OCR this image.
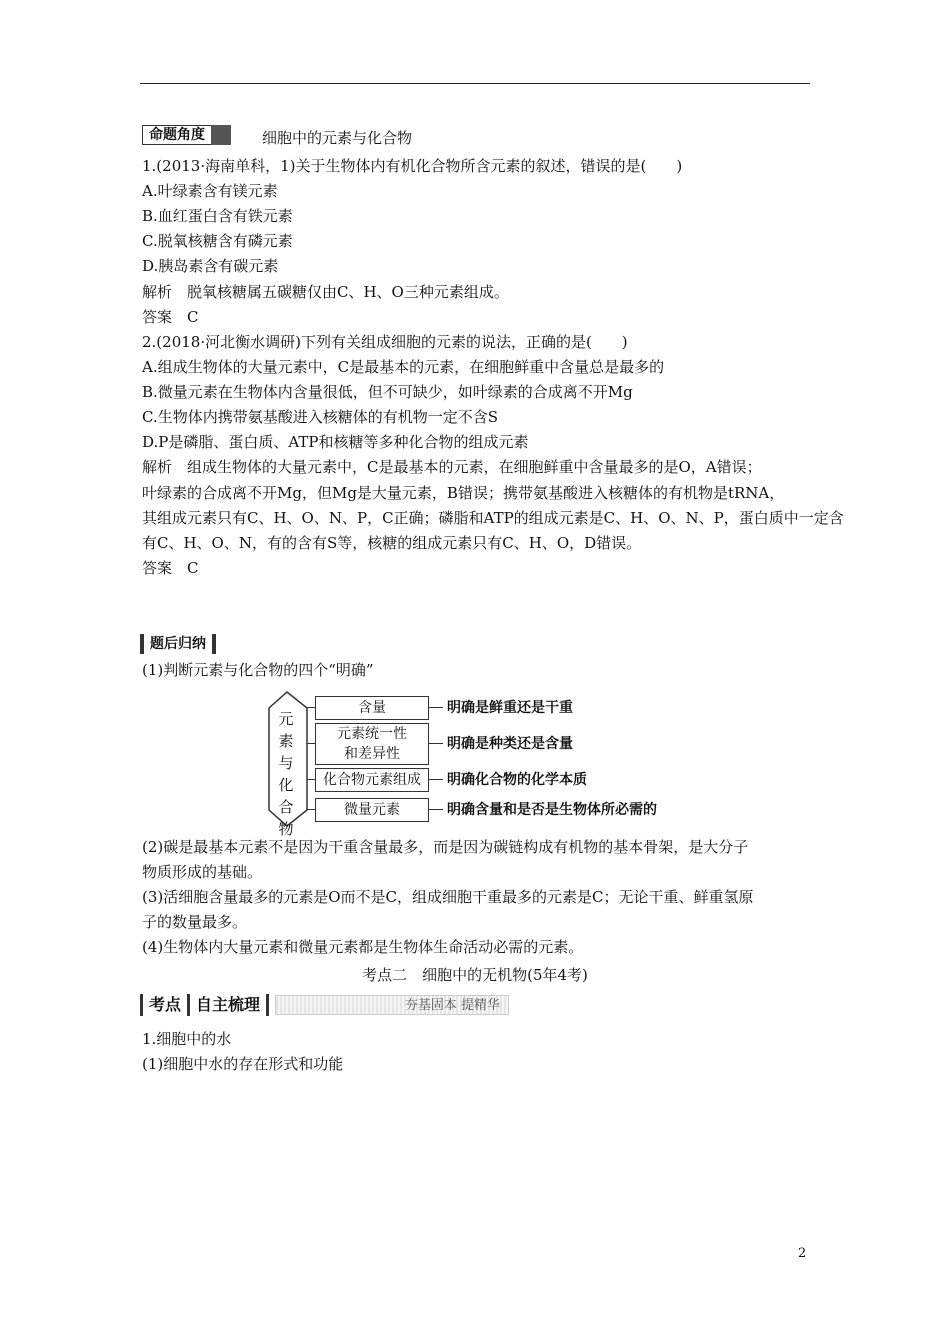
命题角度	细胞中的元素与化合物
1.(2013·海南单科，1)关于生物体内有机化合物所含元素的叙述，错误的是(　　)
A.叶绿素含有镁元素
B.血红蛋白含有铁元素
C.脱氧核糖含有磷元素
D.胰岛素含有碳元素
解析　脱氧核糖属五碳糖仅由C、H、O三种元素组成。
答案　C
2.(2018·河北衡水调研)下列有关组成细胞的元素的说法，正确的是(　　)
A.组成生物体的大量元素中，C是最基本的元素，在细胞鲜重中含量总是最多的
B.微量元素在生物体内含量很低，但不可缺少，如叶绿素的合成离不开Mg
C.生物体内携带氨基酸进入核糖体的有机物一定不含S
D.P是磷脂、蛋白质、ATP和核糖等多种化合物的组成元素
解析　组成生物体的大量元素中，C是最基本的元素，在细胞鲜重中含量最多的是O，A错误；
叶绿素的合成离不开Mg，但Mg是大量元素，B错误；携带氨基酸进入核糖体的有机物是tRNA，
其组成元素只有C、H、O、N、P，C正确；磷脂和ATP的组成元素是C、H、O、N、P，蛋白质中一定含
有C、H、O、N，有的含有S等，核糖的组成元素只有C、H、O，D错误。
答案　C
题后归纳
(1)判断元素与化合物的四个“明确”
元素与化合物
含量	明确是鲜重还是干重
元素统一性
和差异性
明确是种类还是含量
化合物元素组成	明确化合物的化学本质
微量元素	明确含量和是否是生物体所必需的
(2)碳是最基本元素不是因为干重含量最多，而是因为碳链构成有机物的基本骨架，是大分子
物质形成的基础。
(3)活细胞含量最多的元素是O而不是C，组成细胞干重最多的元素是C；无论干重、鲜重氢原
子的数量最多。
(4)生物体内大量元素和微量元素都是生物体生命活动必需的元素。
考点二　细胞中的无机物(5年4考)
考点 自主梳理	夯基固本 提精华
1.细胞中的水
(1)细胞中水的存在形式和功能
2
